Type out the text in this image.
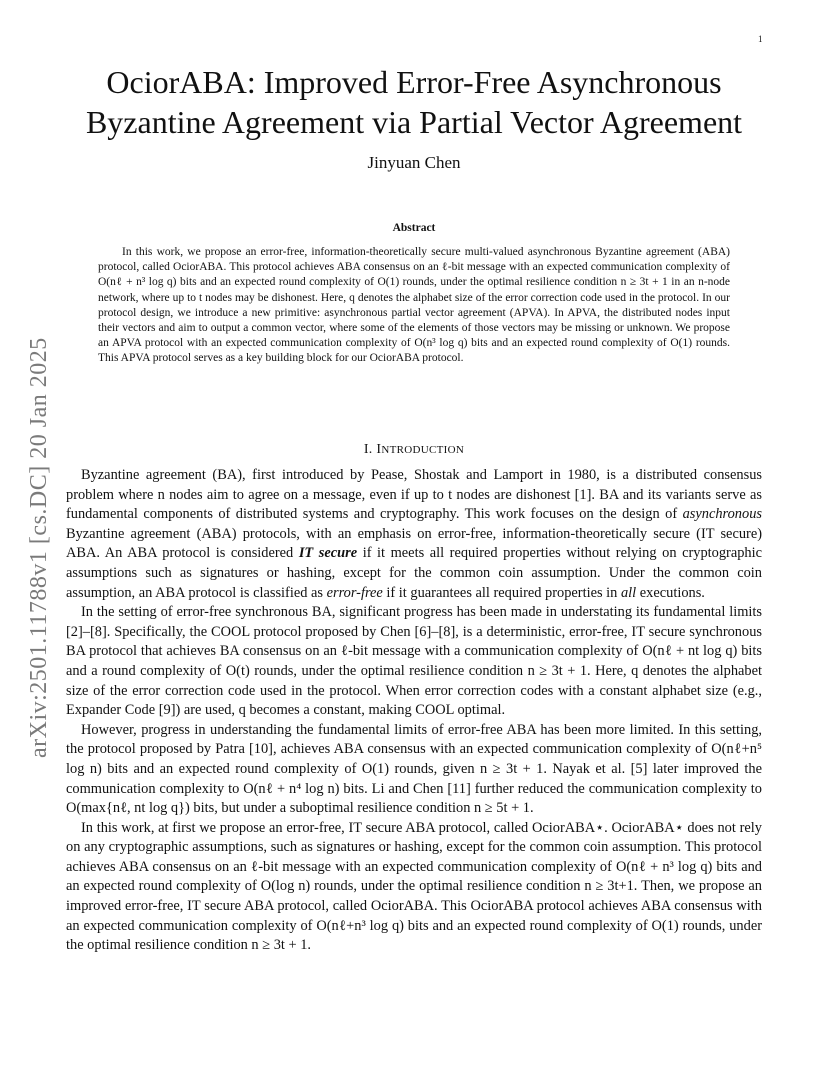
1
arXiv:2501.11788v1 [cs.DC] 20 Jan 2025
OciorABA: Improved Error-Free Asynchronous
Byzantine Agreement via Partial Vector Agreement
Jinyuan Chen
Abstract

In this work, we propose an error-free, information-theoretically secure multi-valued asynchronous Byzantine agreement (ABA) protocol, called OciorABA. This protocol achieves ABA consensus on an ℓ-bit message with an expected communication complexity of O(nℓ + n³ log q) bits and an expected round complexity of O(1) rounds, under the optimal resilience condition n ≥ 3t + 1 in an n-node network, where up to t nodes may be dishonest. Here, q denotes the alphabet size of the error correction code used in the protocol. In our protocol design, we introduce a new primitive: asynchronous partial vector agreement (APVA). In APVA, the distributed nodes input their vectors and aim to output a common vector, where some of the elements of those vectors may be missing or unknown. We propose an APVA protocol with an expected communication complexity of O(n³ log q) bits and an expected round complexity of O(1) rounds. This APVA protocol serves as a key building block for our OciorABA protocol.

I. INTRODUCTION

Byzantine agreement (BA), first introduced by Pease, Shostak and Lamport in 1980, is a distributed consensus problem where n nodes aim to agree on a message, even if up to t nodes are dishonest [1]. BA and its variants serve as fundamental components of distributed systems and cryptography. This work focuses on the design of asynchronous Byzantine agreement (ABA) protocols, with an emphasis on error-free, information-theoretically secure (IT secure) ABA. An ABA protocol is considered IT secure if it meets all required properties without relying on cryptographic assumptions such as signatures or hashing, except for the common coin assumption. Under the common coin assumption, an ABA protocol is classified as error-free if it guarantees all required properties in all executions.

In the setting of error-free synchronous BA, significant progress has been made in understating its fundamental limits [2]–[8]. Specifically, the COOL protocol proposed by Chen [6]–[8], is a deterministic, error-free, IT secure synchronous BA protocol that achieves BA consensus on an ℓ-bit message with a communication complexity of O(nℓ + nt log q) bits and a round complexity of O(t) rounds, under the optimal resilience condition n ≥ 3t + 1. Here, q denotes the alphabet size of the error correction code used in the protocol. When error correction codes with a constant alphabet size (e.g., Expander Code [9]) are used, q becomes a constant, making COOL optimal.

However, progress in understanding the fundamental limits of error-free ABA has been more limited. In this setting, the protocol proposed by Patra [10], achieves ABA consensus with an expected communication complexity of O(nℓ+n⁵ log n) bits and an expected round complexity of O(1) rounds, given n ≥ 3t + 1. Nayak et al. [5] later improved the communication complexity to O(nℓ + n⁴ log n) bits. Li and Chen [11] further reduced the communication complexity to O(max{nℓ, nt log q}) bits, but under a suboptimal resilience condition n ≥ 5t + 1.

In this work, at first we propose an error-free, IT secure ABA protocol, called OciorABA⋆. OciorABA⋆ does not rely on any cryptographic assumptions, such as signatures or hashing, except for the common coin assumption. This protocol achieves ABA consensus on an ℓ-bit message with an expected communication complexity of O(nℓ + n³ log q) bits and an expected round complexity of O(log n) rounds, under the optimal resilience condition n ≥ 3t+1. Then, we propose an improved error-free, IT secure ABA protocol, called OciorABA. This OciorABA protocol achieves ABA consensus with an expected communication complexity of O(nℓ+n³ log q) bits and an expected round complexity of O(1) rounds, under the optimal resilience condition n ≥ 3t + 1.
